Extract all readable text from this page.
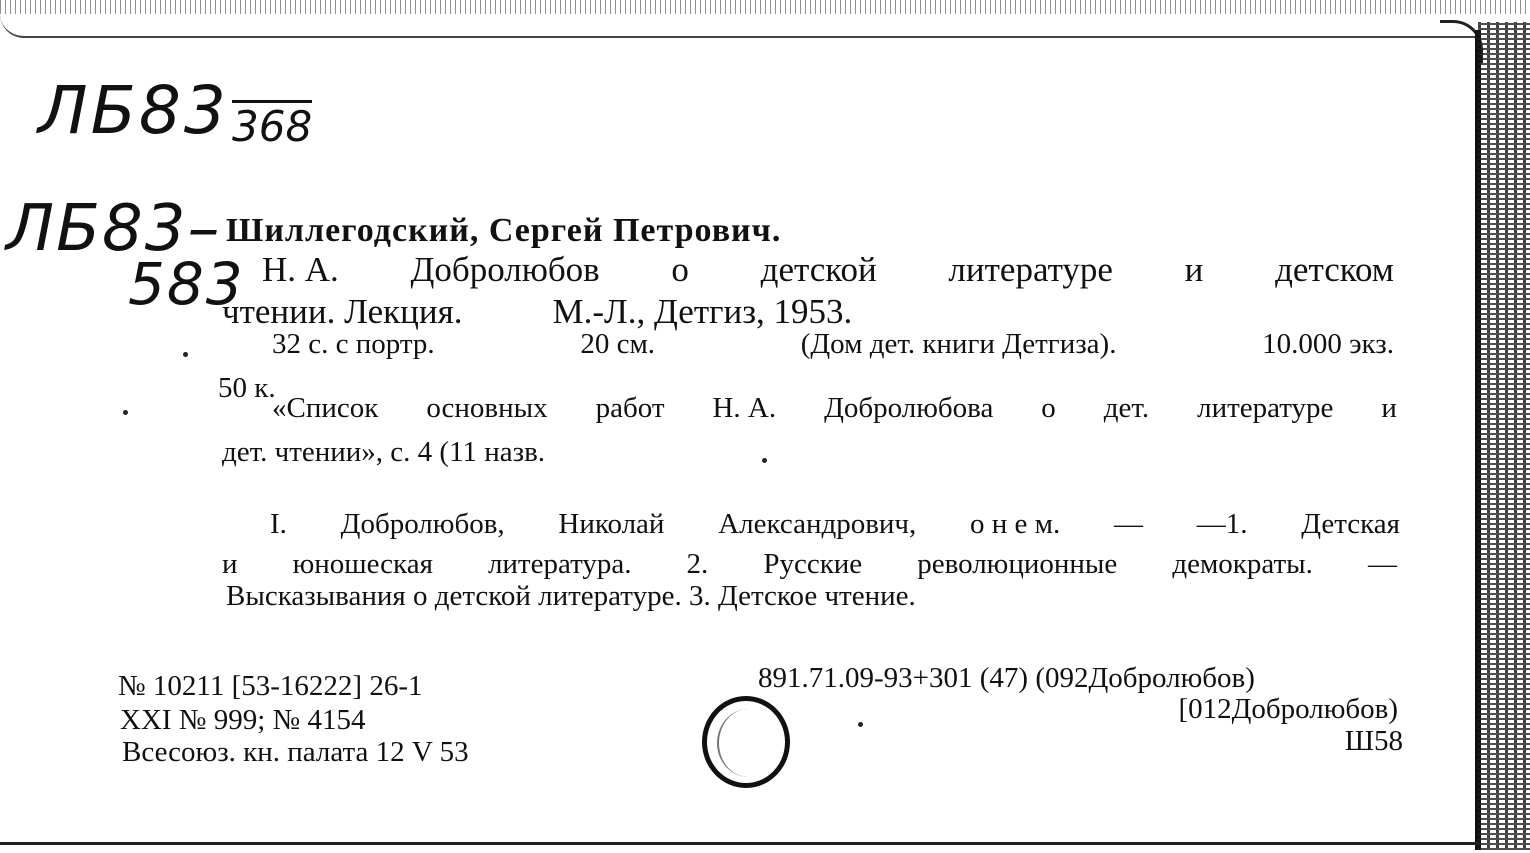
ЛБ83 368
ЛБ83–
583
Шиллегодский, Сергей Петрович.
Н. А. Добролюбов о детской литературе и детском
чтении. Лекция.	М.-Л., Детгиз, 1953.
32 с. с портр.	20 см.	(Дом дет. книги Детгиза).	10.000 экз.
50 к.
«Список основных работ Н. А. Добролюбова о дет. литературе и
дет. чтении», с. 4 (11 назв.
I. Добролюбов, Николай Александрович, о н е м. — —1. Детская
и юношеская литература. 2. Русские революционные демократы. —
Высказывания о детской литературе. 3. Детское чтение.
№ 10211 [53-16222] 26-1
XXI № 999; № 4154
Всесоюз. кн. палата 12 V 53
891.71.09-93+301 (47) (092Добролюбов)
[012Добролюбов)
Ш58
